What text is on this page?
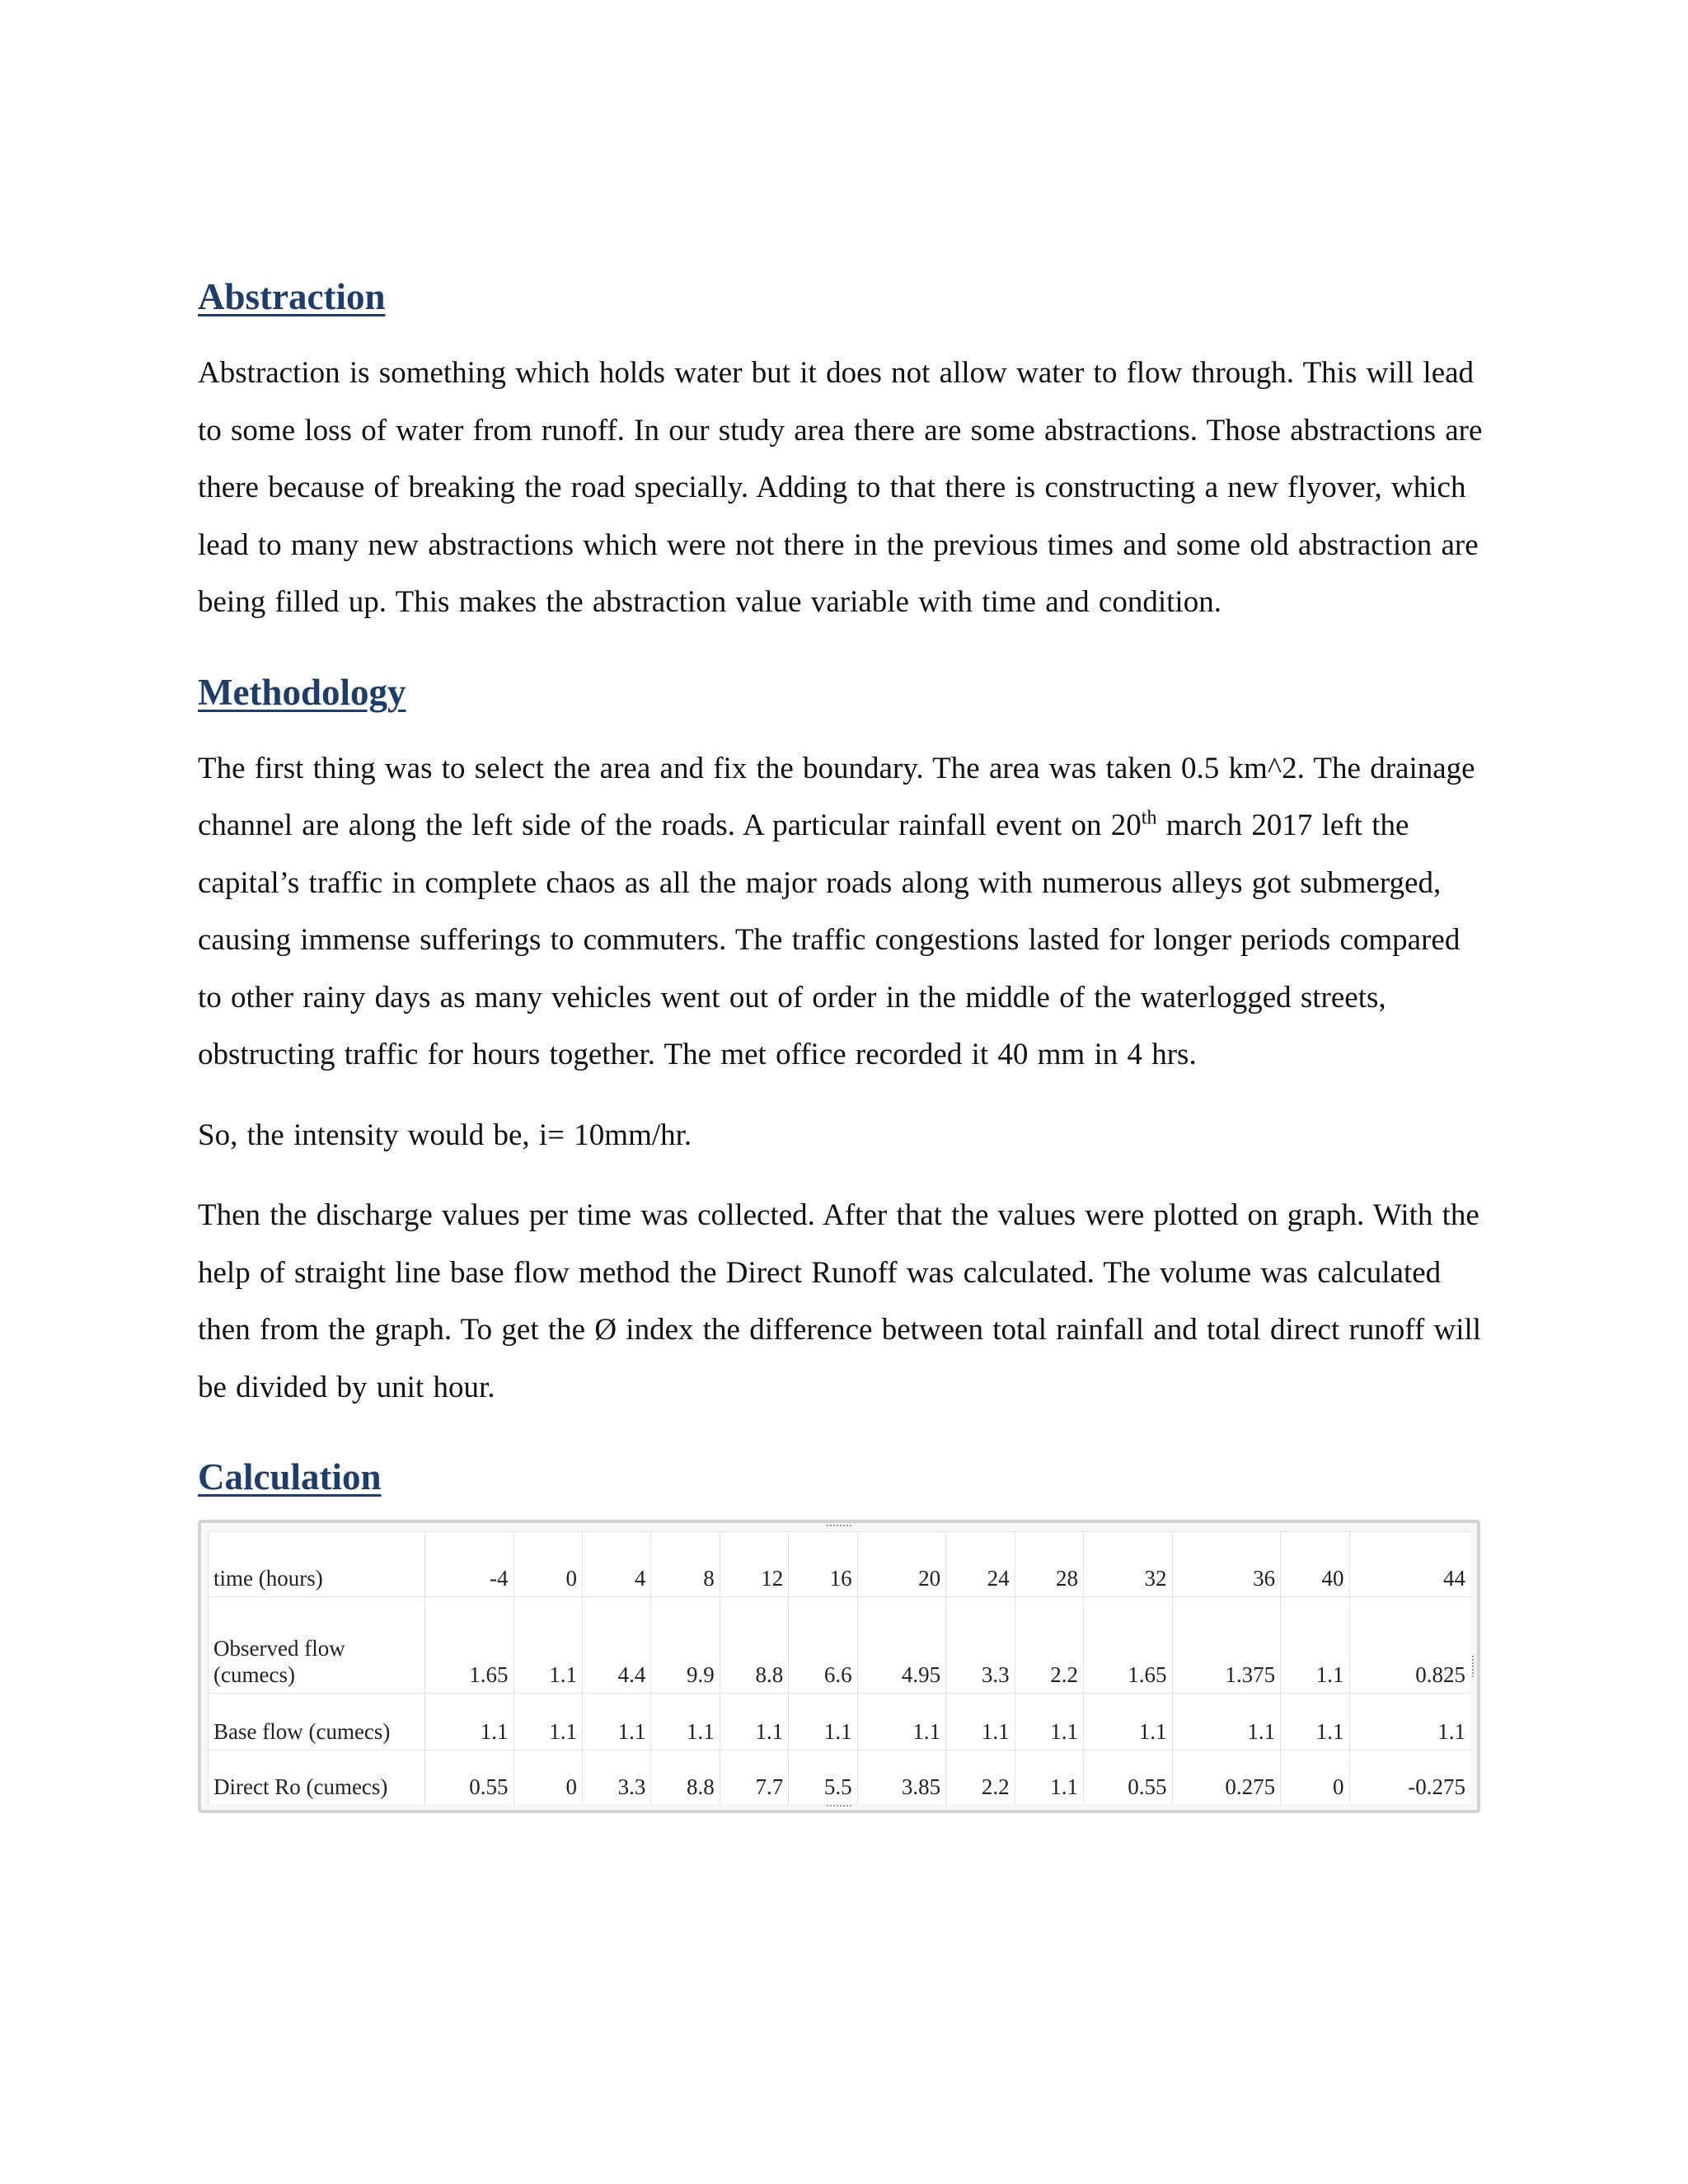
Abstraction

Abstraction is something which holds water but it does not allow water to flow through. This will lead to some loss of water from runoff. In our study area there are some abstractions. Those abstractions are there because of breaking the road specially. Adding to that there is constructing a new flyover, which lead to many new abstractions which were not there in the previous times and some old abstraction are being filled up. This makes the abstraction value variable with time and condition.

Methodology

The first thing was to select the area and fix the boundary. The area was taken 0.5 km^2. The drainage channel are along the left side of the roads. A particular rainfall event on 20th march 2017 left the capital’s traffic in complete chaos as all the major roads along with numerous alleys got submerged, causing immense sufferings to commuters. The traffic congestions lasted for longer periods compared to other rainy days as many vehicles went out of order in the middle of the waterlogged streets, obstructing traffic for hours together. The met office recorded it 40 mm in 4 hrs.

So, the intensity would be, i= 10mm/hr.

Then the discharge values per time was collected. After that the values were plotted on graph. With the help of straight line base flow method the Direct Runoff was calculated. The volume was calculated then from the graph. To get the Ø index the difference between total rainfall and total direct runoff will be divided by unit hour.

Calculation
time (hours)	-4	0	4	8	12	16	20	24	28	32	36	40	44
Observed flow (cumecs)	1.65	1.1	4.4	9.9	8.8	6.6	4.95	3.3	2.2	1.65	1.375	1.1	0.825
Base flow (cumecs)	1.1	1.1	1.1	1.1	1.1	1.1	1.1	1.1	1.1	1.1	1.1	1.1	1.1
Direct Ro (cumecs)	0.55	0	3.3	8.8	7.7	5.5	3.85	2.2	1.1	0.55	0.275	0	-0.275
